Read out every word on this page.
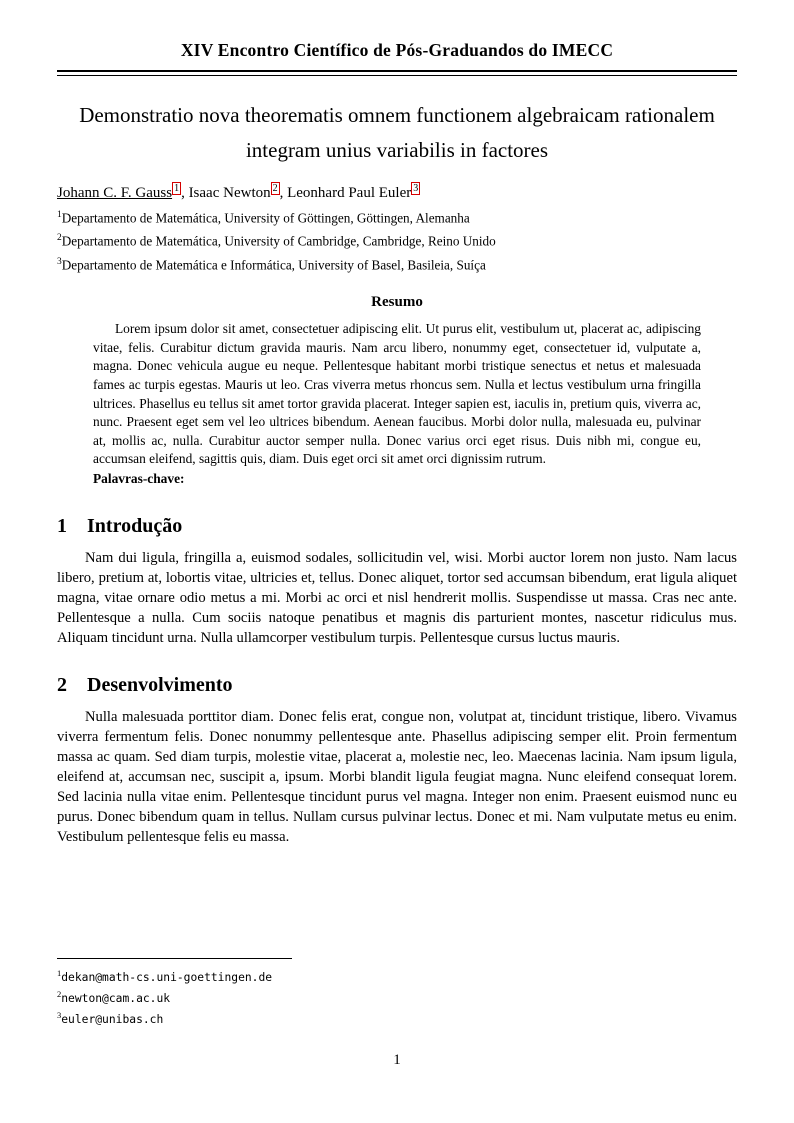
XIV Encontro Científico de Pós-Graduandos do IMECC
Demonstratio nova theorematis omnem functionem algebraicam rationalem integram unius variabilis in factores
Johann C. F. Gauss $^1$ , Isaac Newton $^2$ , Leonhard Paul Euler $^3$
$^1$Departamento de Matemática, University of Göttingen, Göttingen, Alemanha
$^2$Departamento de Matemática, University of Cambridge, Cambridge, Reino Unido
$^3$Departamento de Matemática e Informática, University of Basel, Basileia, Suíça
Resumo
Lorem ipsum dolor sit amet, consectetuer adipiscing elit. Ut purus elit, vestibulum ut, placerat ac, adipiscing vitae, felis. Curabitur dictum gravida mauris. Nam arcu libero, nonummy eget, consectetuer id, vulputate a, magna. Donec vehicula augue eu neque. Pellentesque habitant morbi tristique senectus et netus et malesuada fames ac turpis egestas. Mauris ut leo. Cras viverra metus rhoncus sem. Nulla et lectus vestibulum urna fringilla ultrices. Phasellus eu tellus sit amet tortor gravida placerat. Integer sapien est, iaculis in, pretium quis, viverra ac, nunc. Praesent eget sem vel leo ultrices bibendum. Aenean faucibus. Morbi dolor nulla, malesuada eu, pulvinar at, mollis ac, nulla. Curabitur auctor semper nulla. Donec varius orci eget risus. Duis nibh mi, congue eu, accumsan eleifend, sagittis quis, diam. Duis eget orci sit amet orci dignissim rutrum.
Palavras-chave:
1 Introdução
Nam dui ligula, fringilla a, euismod sodales, sollicitudin vel, wisi. Morbi auctor lorem non justo. Nam lacus libero, pretium at, lobortis vitae, ultricies et, tellus. Donec aliquet, tortor sed accumsan bibendum, erat ligula aliquet magna, vitae ornare odio metus a mi. Morbi ac orci et nisl hendrerit mollis. Suspendisse ut massa. Cras nec ante. Pellentesque a nulla. Cum sociis natoque penatibus et magnis dis parturient montes, nascetur ridiculus mus. Aliquam tincidunt urna. Nulla ullamcorper vestibulum turpis. Pellentesque cursus luctus mauris.
2 Desenvolvimento
Nulla malesuada porttitor diam. Donec felis erat, congue non, volutpat at, tincidunt tristique, libero. Vivamus viverra fermentum felis. Donec nonummy pellentesque ante. Phasellus adipiscing semper elit. Proin fermentum massa ac quam. Sed diam turpis, molestie vitae, placerat a, molestie nec, leo. Maecenas lacinia. Nam ipsum ligula, eleifend at, accumsan nec, suscipit a, ipsum. Morbi blandit ligula feugiat magna. Nunc eleifend consequat lorem. Sed lacinia nulla vitae enim. Pellentesque tincidunt purus vel magna. Integer non enim. Praesent euismod nunc eu purus. Donec bibendum quam in tellus. Nullam cursus pulvinar lectus. Donec et mi. Nam vulputate metus eu enim. Vestibulum pellentesque felis eu massa.
$^1$dekan@math-cs.uni-goettingen.de
$^2$newton@cam.ac.uk
$^3$euler@unibas.ch
1
